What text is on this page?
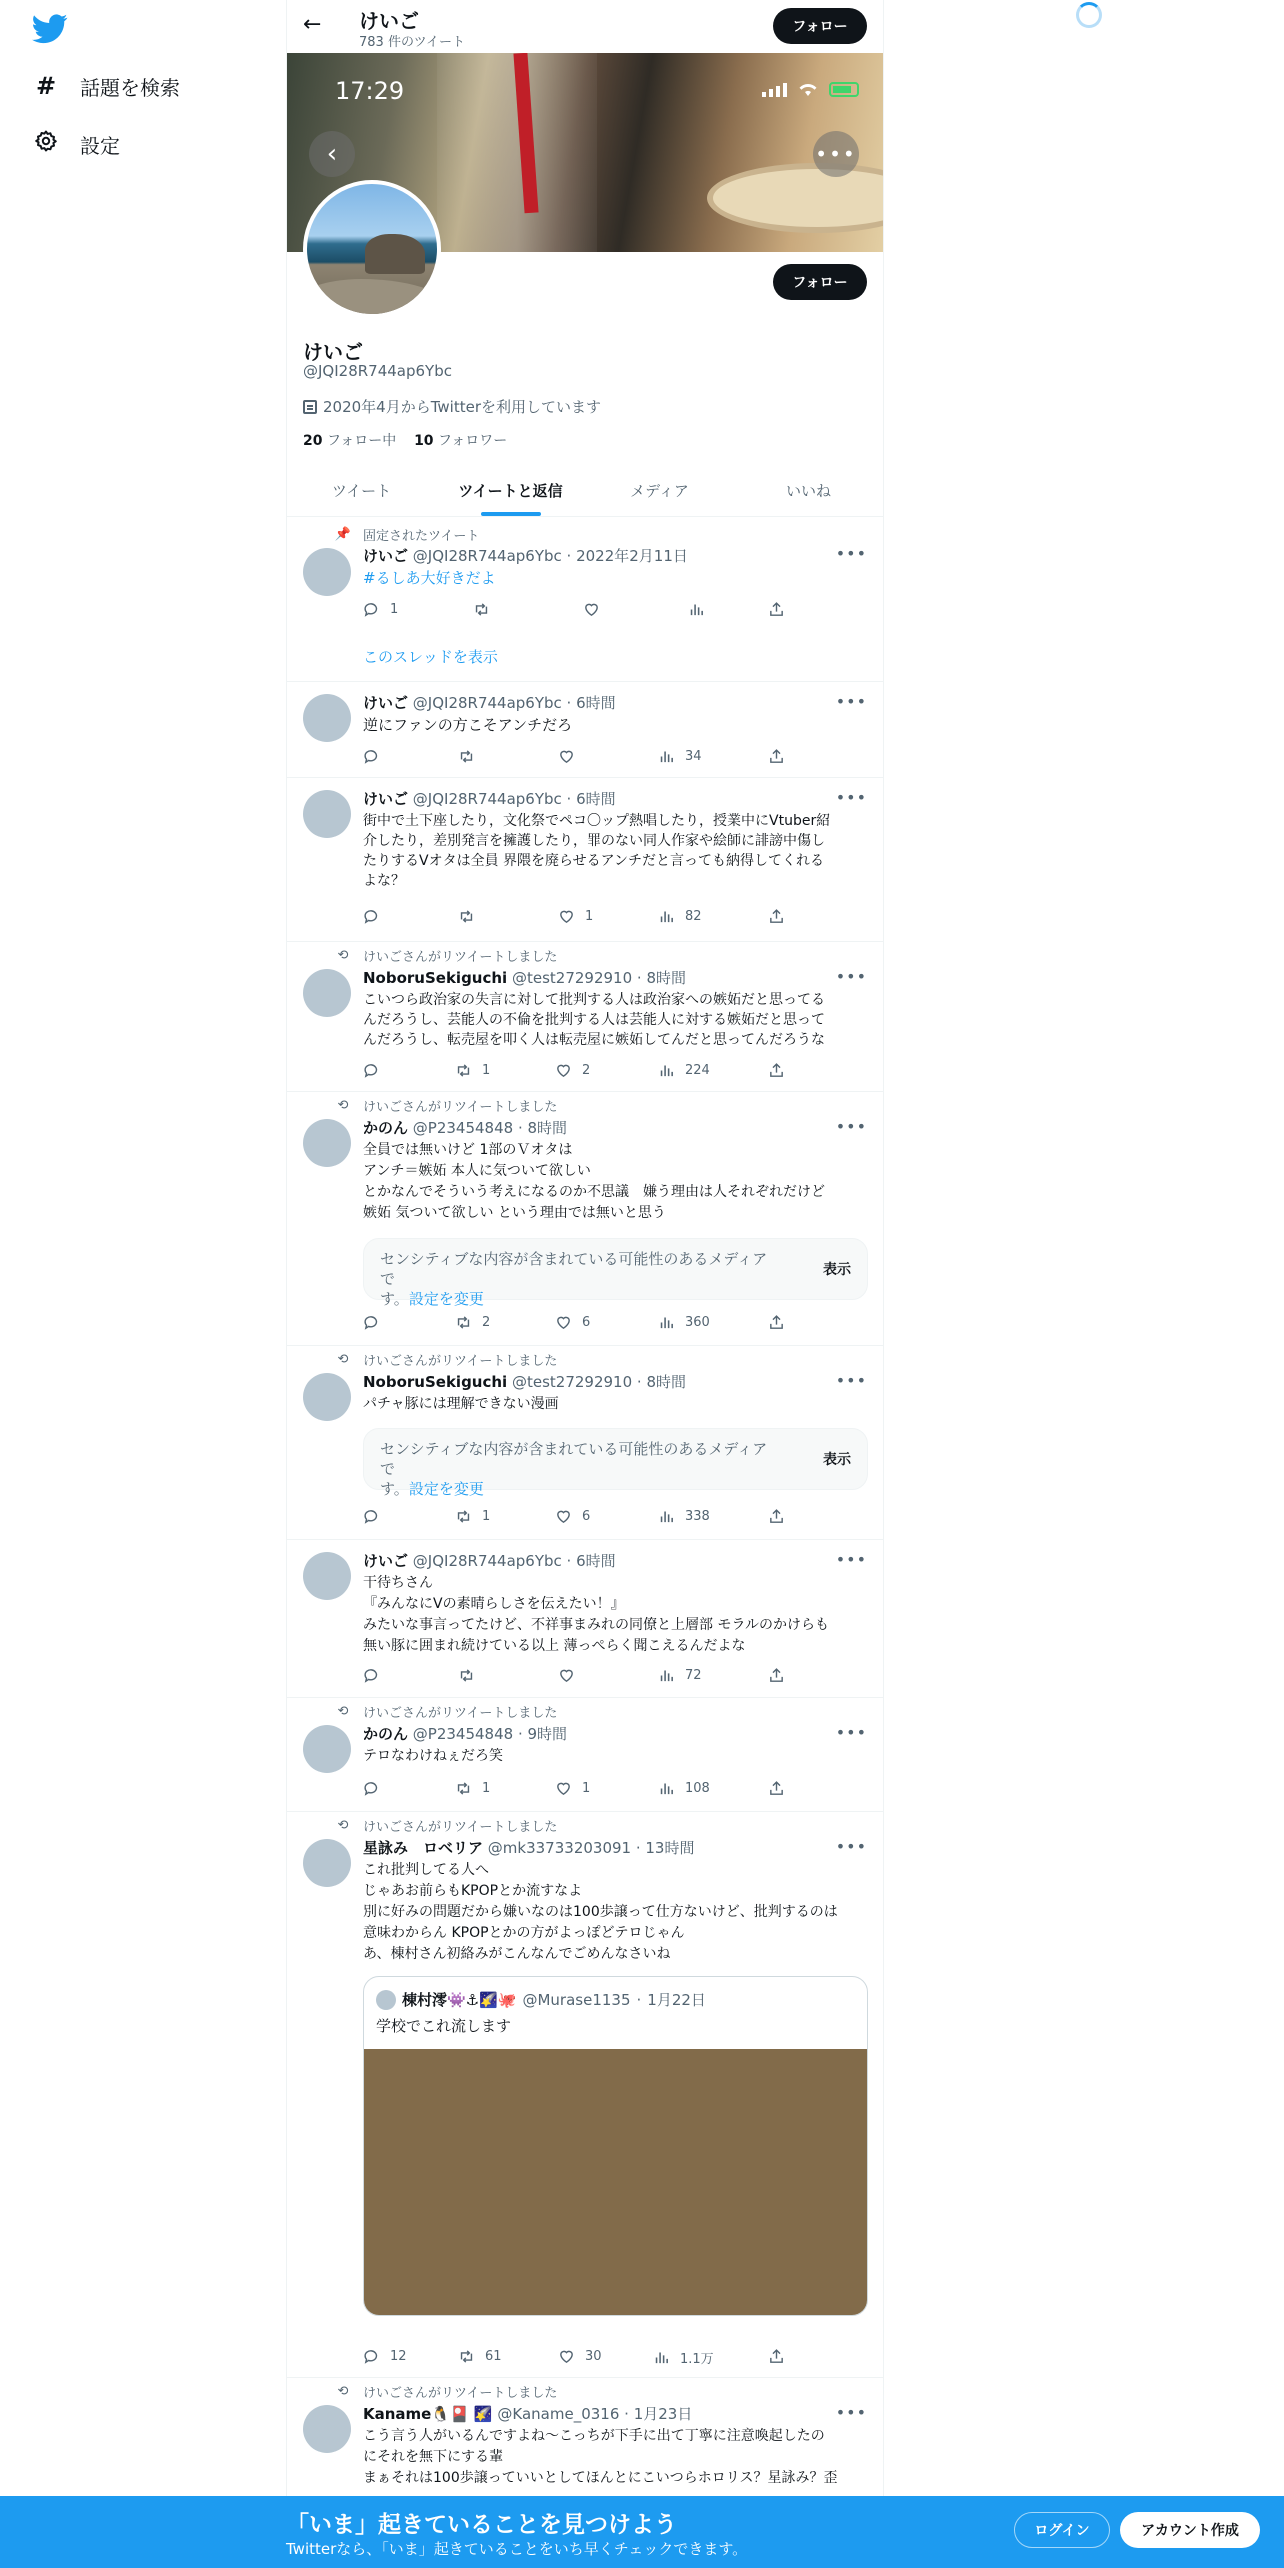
# 話題を検索
設定
← けいご
783 件のツイート
フォロー
17:29
‹	•••
フォロー
けいご
@JQI28R744ap6Ybc
2020年4月からTwitterを利用しています
20 フォロー中 10 フォロワー
ツイート	ツイートと返信	メディア	いいね
📌 固定されたツイート
けいご @JQI28R744ap6Ybc · 2022年2月11日	•••
#るしあ大好きだよ
1
このスレッドを表示
けいご @JQI28R744ap6Ybc · 6時間	•••
逆にファンの方こそアンチだろ
34
けいご @JQI28R744ap6Ybc · 6時間	•••
街中で土下座したり，文化祭でペコ〇ップ熱唱したり，授業中にVtuber紹
介したり，差別発言を擁護したり，罪のない同人作家や絵師に誹謗中傷し
たりするVオタは全員 界隈を廃らせるアンチだと言っても納得してくれる
よな？
1	82
⟲	けいごさんがリツイートしました
NoboruSekiguchi @test27292910 · 8時間	•••
こいつら政治家の失言に対して批判する人は政治家への嫉妬だと思ってる
んだろうし、芸能人の不倫を批判する人は芸能人に対する嫉妬だと思って
んだろうし、転売屋を叩く人は転売屋に嫉妬してんだと思ってんだろうな
1	2	224
⟲	けいごさんがリツイートしました
かのん @P23454848 · 8時間	•••
全員では無いけど 1部のＶオタは
アンチ＝嫉妬 本人に気ついて欲しい
とかなんでそういう考えになるのか不思議　嫌う理由は人それぞれだけど
嫉妬 気ついて欲しい という理由では無いと思う
センシティブな内容が含まれている可能性のあるメディアで
す。設定を変更
表示
2	6	360
⟲	けいごさんがリツイートしました
NoboruSekiguchi @test27292910 · 8時間	•••
パチャ豚には理解できない漫画
センシティブな内容が含まれている可能性のあるメディアで
す。設定を変更
表示
1	6	338
けいご @JQI28R744ap6Ybc · 6時間	•••
干待ちさん
『みんなにVの素晴らしさを伝えたい！』
みたいな事言ってたけど、不祥事まみれの同僚と上層部 モラルのかけらも
無い豚に囲まれ続けている以上 薄っぺらく聞こえるんだよな
72
⟲	けいごさんがリツイートしました
かのん @P23454848 · 9時間	•••
テロなわけねぇだろ笑
1	1	108
⟲	けいごさんがリツイートしました
星詠み　ロベリア @mk33733203091 · 13時間	•••
これ批判してる人へ
じゃあお前らもKPOPとか流すなよ
別に好みの問題だから嫌いなのは100歩譲って仕方ないけど、批判するのは
意味わからん KPOPとかの方がよっぽどテロじゃん
あ、棟村さん初絡みがこんなんでごめんなさいね
棟村澪👾⚓🌠🐙 @Murase1135 · 1月22日
学校でこれ流します
12	61	30	1.1万
⟲	けいごさんがリツイートしました
Kaname🐧🎴 🌠 @Kaname_0316 · 1月23日	•••
こう言う人がいるんですよね〜こっちが下手に出て丁寧に注意喚起したの
にそれを無下にする輩
まぁそれは100歩譲っていいとしてほんとにこいつらホロリス？星詠み？歪
「いま」起きていることを見つけよう
Twitterなら、「いま」起きていることをいち早くチェックできます。
ログイン	アカウント作成
